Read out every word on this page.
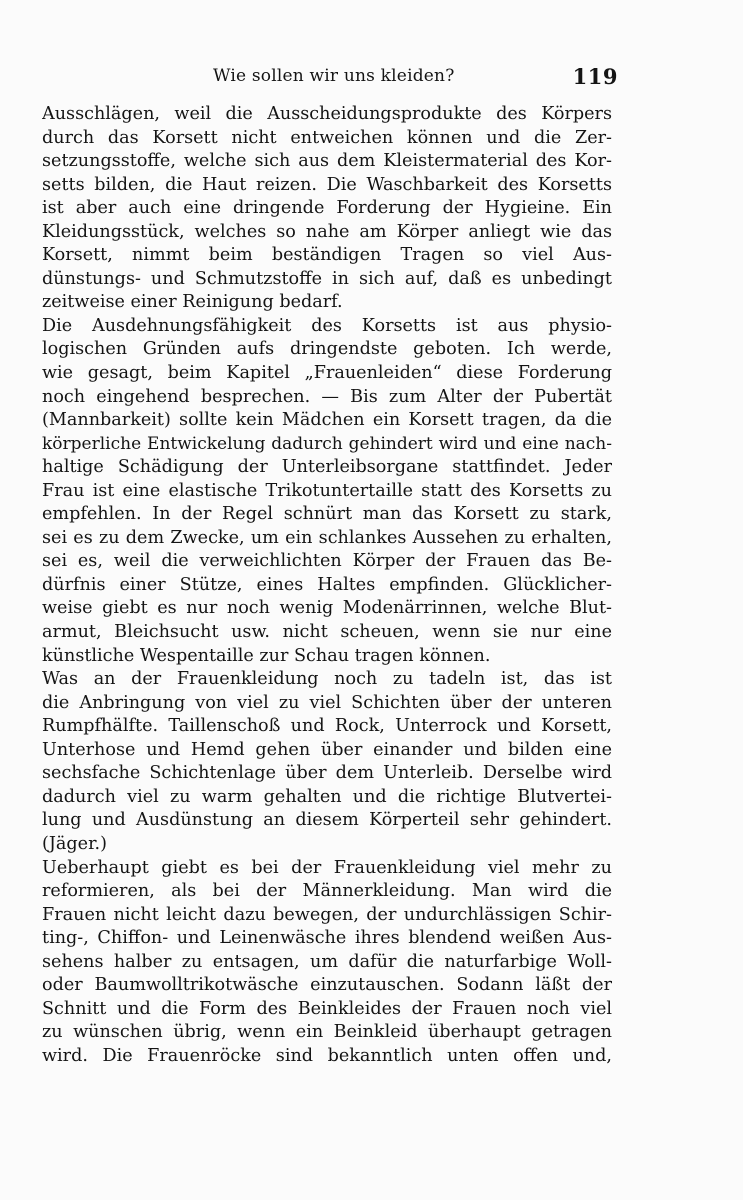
Wie sollen wir uns kleiden?	119
Ausschlägen, weil die Ausscheidungsprodukte des Körpers
durch das Korsett nicht entweichen können und die Zer-
setzungsstoffe, welche sich aus dem Kleistermaterial des Kor-
setts bilden, die Haut reizen. Die Waschbarkeit des Korsetts
ist aber auch eine dringende Forderung der Hygieine. Ein
Kleidungsstück, welches so nahe am Körper anliegt wie das
Korsett, nimmt beim beständigen Tragen so viel Aus-
dünstungs- und Schmutzstoffe in sich auf, daß es unbedingt
zeitweise einer Reinigung bedarf.
Die Ausdehnungsfähigkeit des Korsetts ist aus physio-
logischen Gründen aufs dringendste geboten. Ich werde,
wie gesagt, beim Kapitel „Frauenleiden“ diese Forderung
noch eingehend besprechen. — Bis zum Alter der Pubertät
(Mannbarkeit) sollte kein Mädchen ein Korsett tragen, da die
körperliche Entwickelung dadurch gehindert wird und eine nach-
haltige Schädigung der Unterleibsorgane stattfindet. Jeder
Frau ist eine elastische Trikotuntertaille statt des Korsetts zu
empfehlen. In der Regel schnürt man das Korsett zu stark,
sei es zu dem Zwecke, um ein schlankes Aussehen zu erhalten,
sei es, weil die verweichlichten Körper der Frauen das Be-
dürfnis einer Stütze, eines Haltes empfinden. Glücklicher-
weise giebt es nur noch wenig Modenärrinnen, welche Blut-
armut, Bleichsucht usw. nicht scheuen, wenn sie nur eine
künstliche Wespentaille zur Schau tragen können.
Was an der Frauenkleidung noch zu tadeln ist, das ist
die Anbringung von viel zu viel Schichten über der unteren
Rumpfhälfte. Taillenschoß und Rock, Unterrock und Korsett,
Unterhose und Hemd gehen über einander und bilden eine
sechsfache Schichtenlage über dem Unterleib. Derselbe wird
dadurch viel zu warm gehalten und die richtige Blutvertei-
lung und Ausdünstung an diesem Körperteil sehr gehindert.
(Jäger.)
Ueberhaupt giebt es bei der Frauenkleidung viel mehr zu
reformieren, als bei der Männerkleidung. Man wird die
Frauen nicht leicht dazu bewegen, der undurchlässigen Schir-
ting-, Chiffon- und Leinenwäsche ihres blendend weißen Aus-
sehens halber zu entsagen, um dafür die naturfarbige Woll-
oder Baumwolltrikotwäsche einzutauschen. Sodann läßt der
Schnitt und die Form des Beinkleides der Frauen noch viel
zu wünschen übrig, wenn ein Beinkleid überhaupt getragen
wird. Die Frauenröcke sind bekanntlich unten offen und,
